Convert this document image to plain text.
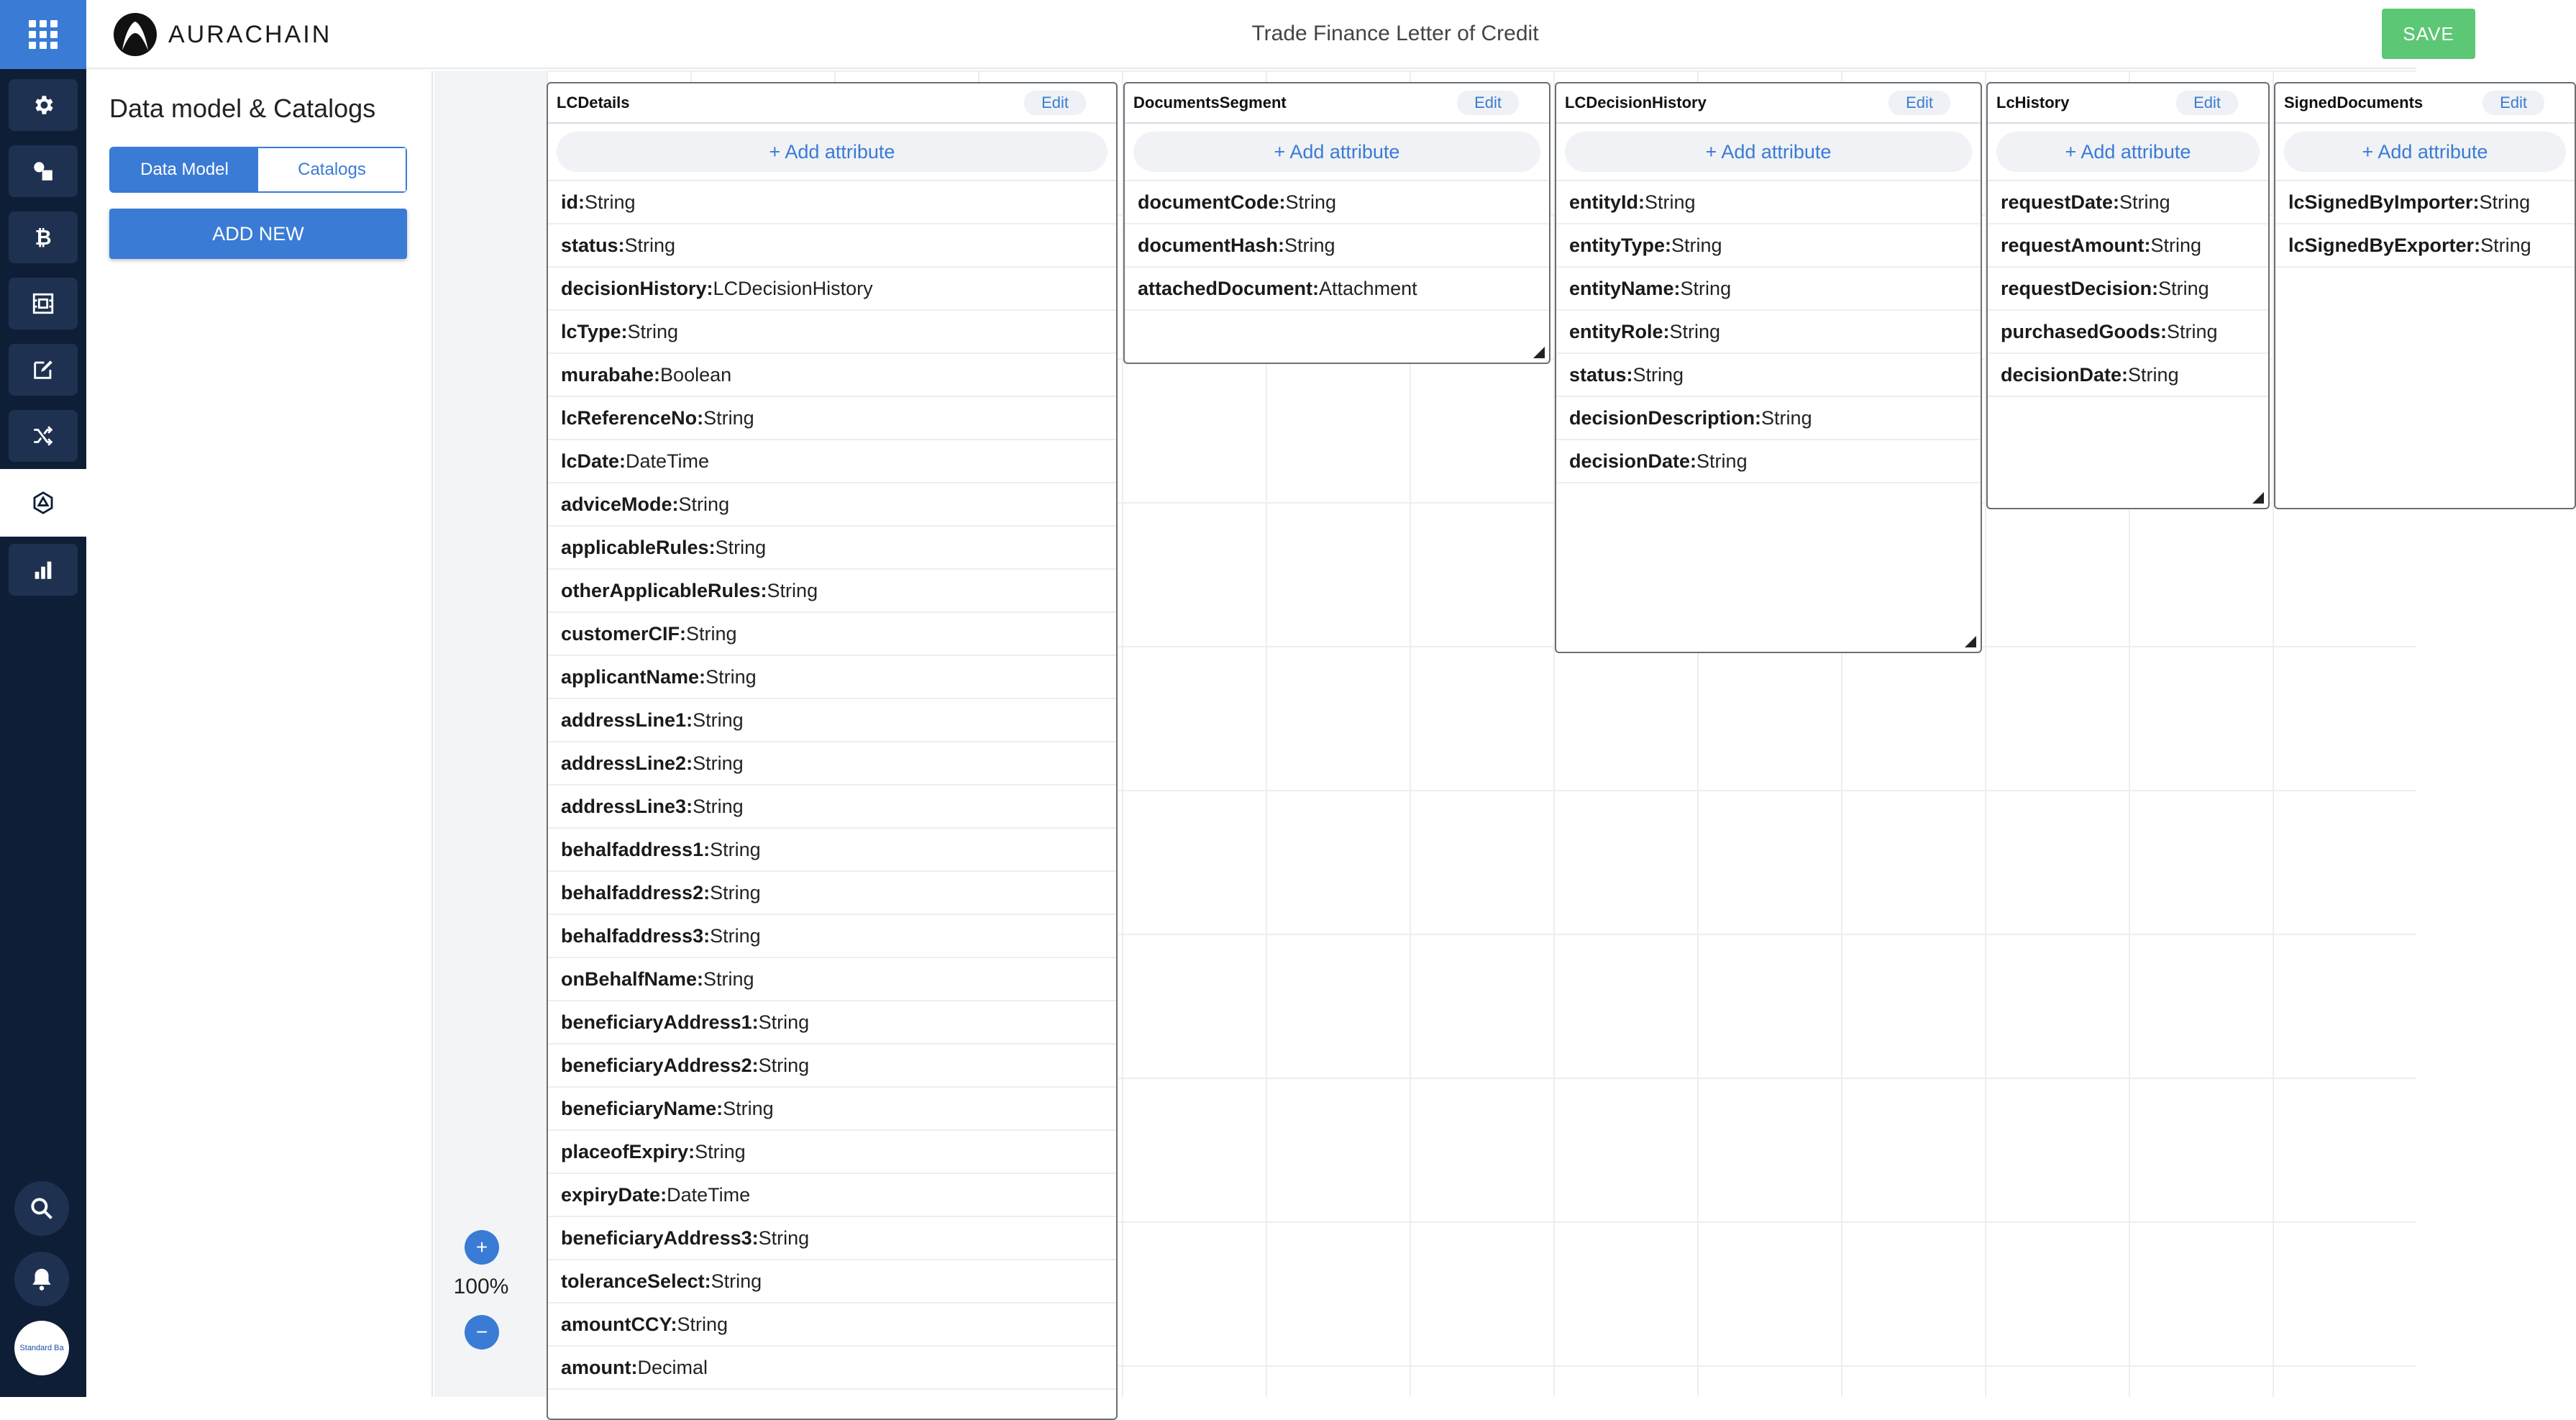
₿
Standard Ba
AURACHAIN	Trade Finance Letter of Credit	SAVE
Data model & Catalogs
Data Model	Catalogs
ADD NEW
+
100%
−
LCDetails	Edit
+ Add attribute
id: String
status: String
decisionHistory: LCDecisionHistory
lcType: String
murabahe: Boolean
lcReferenceNo: String
lcDate: DateTime
adviceMode: String
applicableRules: String
otherApplicableRules: String
customerCIF: String
applicantName: String
addressLine1: String
addressLine2: String
addressLine3: String
behalfaddress1: String
behalfaddress2: String
behalfaddress3: String
onBehalfName: String
beneficiaryAddress1: String
beneficiaryAddress2: String
beneficiaryName: String
placeofExpiry: String
expiryDate: DateTime
beneficiaryAddress3: String
toleranceSelect: String
amountCCY: String
amount: Decimal
DocumentsSegment	Edit
+ Add attribute
documentCode: String
documentHash: String
attachedDocument: Attachment
LCDecisionHistory	Edit
+ Add attribute
entityId: String
entityType: String
entityName: String
entityRole: String
status: String
decisionDescription: String
decisionDate: String
LcHistory	Edit
+ Add attribute
requestDate: String
requestAmount: String
requestDecision: String
purchasedGoods: String
decisionDate: String
SignedDocuments	Edit
+ Add attribute
lcSignedByImporter: String
lcSignedByExporter: String
